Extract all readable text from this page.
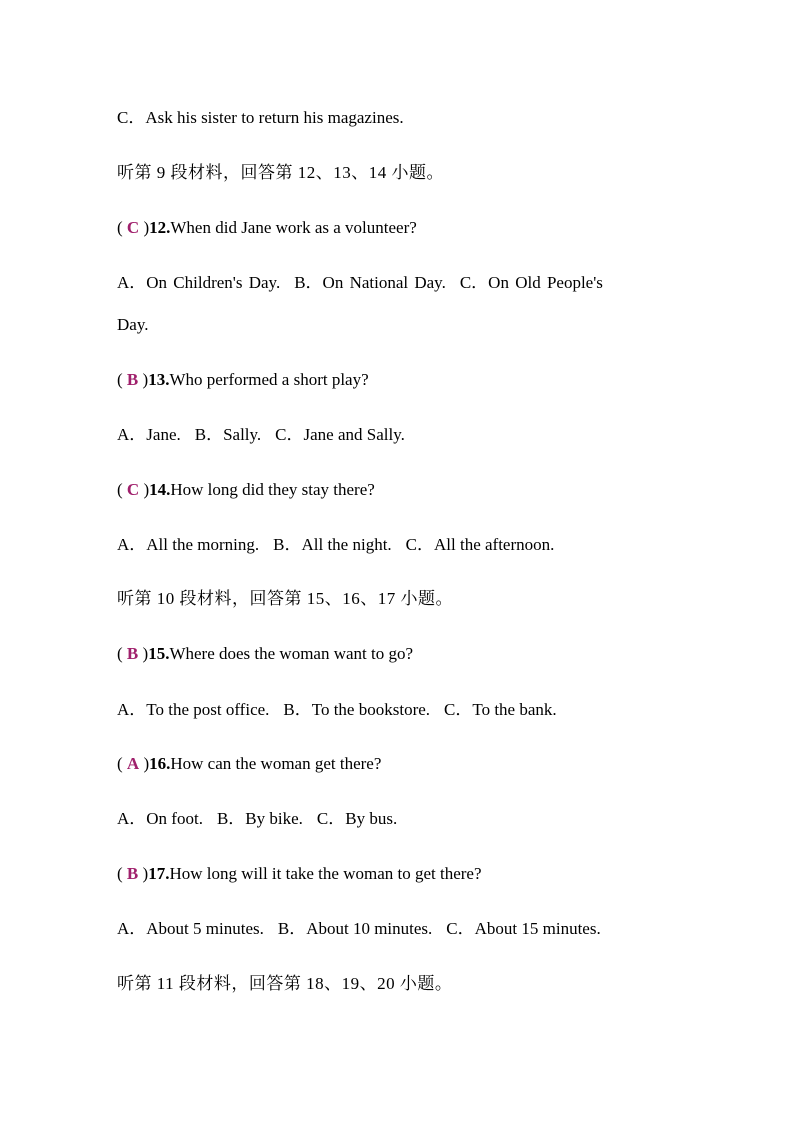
C．Ask his sister to return his magazines.
听第 9 段材料，回答第 12、13、14 小题。
( C )12.When did Jane work as a volunteer?
A．On Children's Day. B．On National Day. C．On Old People's
Day.
( B )13.Who performed a short play?
A．Jane. B．Sally. C．Jane and Sally.
( C )14.How long did they stay there?
A．All the morning. B．All the night. C．All the afternoon.
听第 10 段材料，回答第 15、16、17 小题。
( B )15.Where does the woman want to go?
A．To the post office. B．To the bookstore. C．To the bank.
( A )16.How can the woman get there?
A．On foot. B．By bike. C．By bus.
( B )17.How long will it take the woman to get there?
A．About 5 minutes. B．About 10 minutes. C．About 15 minutes.
听第 11 段材料，回答第 18、19、20 小题。
